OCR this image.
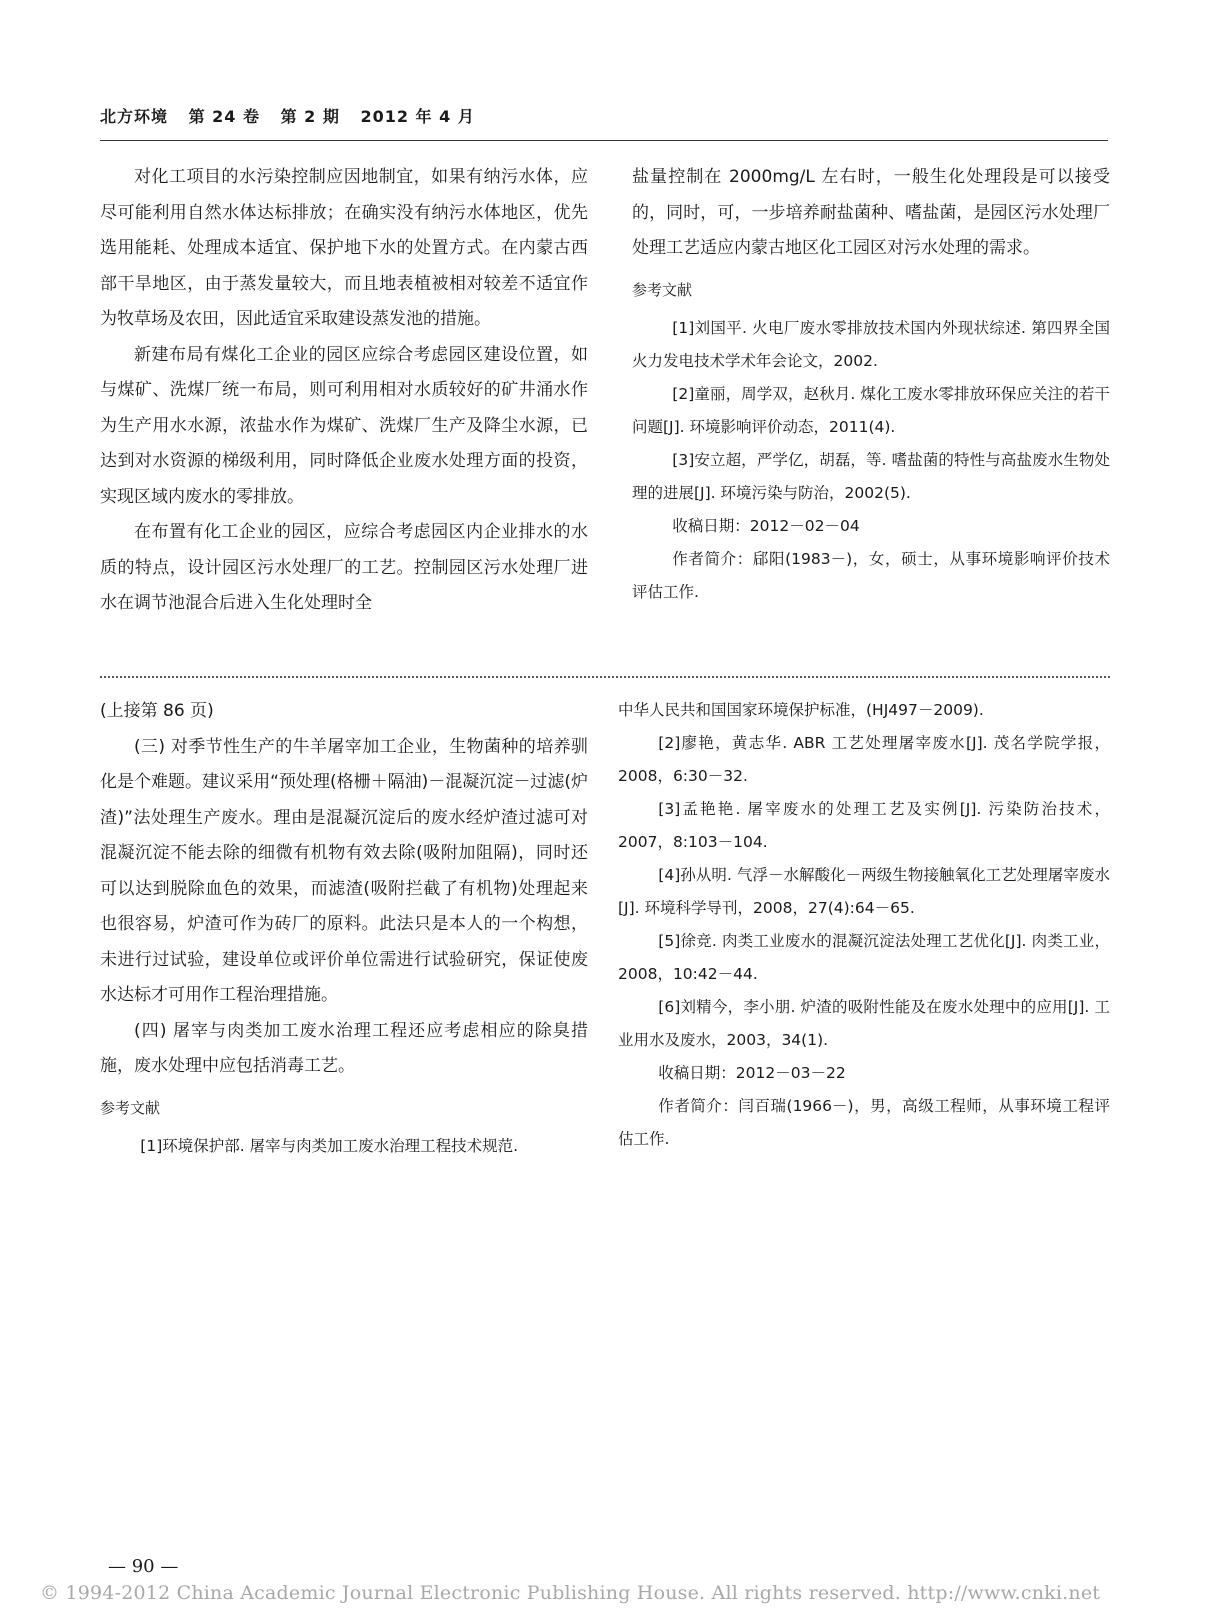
北方环境 第 24 卷 第 2 期 2012 年 4 月

对化工项目的水污染控制应因地制宜，如果有纳污水体，应尽可能利用自然水体达标排放；在确实没有纳污水体地区，优先选用能耗、处理成本适宜、保护地下水的处置方式。在内蒙古西部干旱地区，由于蒸发量较大，而且地表植被相对较差不适宜作为牧草场及农田，因此适宜采取建设蒸发池的措施。

新建布局有煤化工企业的园区应综合考虑园区建设位置，如与煤矿、洗煤厂统一布局，则可利用相对水质较好的矿井涌水作为生产用水水源，浓盐水作为煤矿、洗煤厂生产及降尘水源，已达到对水资源的梯级利用，同时降低企业废水处理方面的投资，实现区域内废水的零排放。

在布置有化工企业的园区，应综合考虑园区内企业排水的水质的特点，设计园区污水处理厂的工艺。控制园区污水处理厂进水在调节池混合后进入生化处理时全

盐量控制在 2000mg/L 左右时，一般生化处理段是可以接受的，同时，可，一步培养耐盐菌种、嗜盐菌，是园区污水处理厂处理工艺适应内蒙古地区化工园区对污水处理的需求。

参考文献

[1]刘国平. 火电厂废水零排放技术国内外现状综述. 第四界全国火力发电技术学术年会论文，2002.

[2]童丽，周学双，赵秋月. 煤化工废水零排放环保应关注的若干问题[J]. 环境影响评价动态，2011(4).

[3]安立超，严学亿，胡磊，等. 嗜盐菌的特性与高盐废水生物处理的进展[J]. 环境污染与防治，2002(5).

收稿日期：2012－02－04

作者简介：郈阳(1983－)，女，硕士，从事环境影响评价技术评估工作.

(上接第 86 页)

(三) 对季节性生产的牛羊屠宰加工企业，生物菌种的培养驯化是个难题。建议采用“预处理(格栅＋隔油)－混凝沉淀－过滤(炉渣)”法处理生产废水。理由是混凝沉淀后的废水经炉渣过滤可对混凝沉淀不能去除的细微有机物有效去除(吸附加阻隔)，同时还可以达到脱除血色的效果，而滤渣(吸附拦截了有机物)处理起来也很容易，炉渣可作为砖厂的原料。此法只是本人的一个构想，未进行过试验，建设单位或评价单位需进行试验研究，保证使废水达标才可用作工程治理措施。

(四) 屠宰与肉类加工废水治理工程还应考虑相应的除臭措施，废水处理中应包括消毒工艺。

参考文献

[1]环境保护部. 屠宰与肉类加工废水治理工程技术规范.

中华人民共和国国家环境保护标准，(HJ497－2009).

[2]廖艳，黄志华. ABR 工艺处理屠宰废水[J]. 茂名学院学报，2008，6:30－32.

[3]孟艳艳. 屠宰废水的处理工艺及实例[J]. 污染防治技术，2007，8:103－104.

[4]孙从明. 气浮－水解酸化－两级生物接触氧化工艺处理屠宰废水[J]. 环境科学导刊，2008，27(4):64－65.

[5]徐竞. 肉类工业废水的混凝沉淀法处理工艺优化[J]. 肉类工业，2008，10:42－44.

[6]刘精今，李小朋. 炉渣的吸附性能及在废水处理中的应用[J]. 工业用水及废水，2003，34(1).

收稿日期：2012－03－22

作者简介：闫百瑞(1966－)，男，高级工程师，从事环境工程评估工作.

— 90 —
© 1994-2012 China Academic Journal Electronic Publishing House. All rights reserved. http://www.cnki.net
